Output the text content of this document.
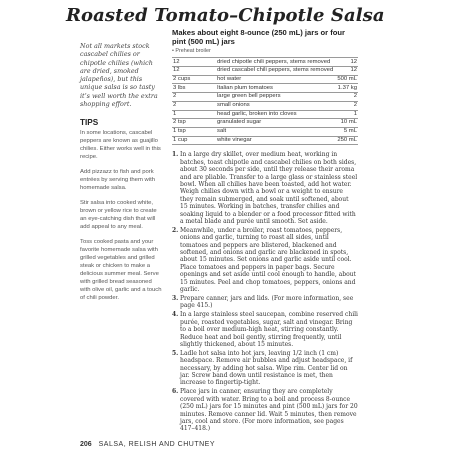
Roasted Tomato–Chipotle Salsa

Not all markets stock cascabel chilies or chipotle chilies (which are dried, smoked jalapeños), but this unique salsa is so tasty it’s well worth the extra shopping effort.

TIPS

In some locations, cascabel peppers are known as guajillo chilies. Either works well in this recipe.

Add pizzazz to fish and pork entrées by serving them with homemade salsa.

Stir salsa into cooked white, brown or yellow rice to create an eye-catching dish that will add appeal to any meal.

Toss cooked pasta and your favorite homemade salsa with grilled vegetables and grilled steak or chicken to make a delicious summer meal. Serve with grilled bread seasoned with olive oil, garlic and a touch of chili powder.

Makes about eight 8-ounce (250 mL) jars or four pint (500 mL) jars

• Preheat broiler
12	dried chipotle chili peppers, stems removed	12
12	dried cascabel chili peppers, stems removed	12
2 cups	hot water	500 mL
3 lbs	Italian plum tomatoes	1.37 kg
2	large green bell peppers	2
2	small onions	2
1	head garlic, broken into cloves	1
2 tsp	granulated sugar	10 mL
1 tsp	salt	5 mL
1 cup	white vinegar	250 mL
1. In a large dry skillet, over medium heat, working in batches, toast chipotle and cascabel chilies on both sides, about 30 seconds per side, until they release their aroma and are pliable. Transfer to a large glass or stainless steel bowl. When all chilies have been toasted, add hot water. Weigh chilies down with a bowl or a weight to ensure they remain submerged, and soak until softened, about 15 minutes. Working in batches, transfer chilies and soaking liquid to a blender or a food processor fitted with a metal blade and purée until smooth. Set aside.
2. Meanwhile, under a broiler, roast tomatoes, peppers, onions and garlic, turning to roast all sides, until tomatoes and peppers are blistered, blackened and softened, and onions and garlic are blackened in spots, about 15 minutes. Set onions and garlic aside until cool. Place tomatoes and peppers in paper bags. Secure openings and set aside until cool enough to handle, about 15 minutes. Peel and chop tomatoes, peppers, onions and garlic.
3. Prepare canner, jars and lids. (For more information, see page 415.)
4. In a large stainless steel saucepan, combine reserved chili purée, roasted vegetables, sugar, salt and vinegar. Bring to a boil over medium-high heat, stirring constantly. Reduce heat and boil gently, stirring frequently, until slightly thickened, about 15 minutes.
5. Ladle hot salsa into hot jars, leaving 1/2 inch (1 cm) headspace. Remove air bubbles and adjust headspace, if necessary, by adding hot salsa. Wipe rim. Center lid on jar. Screw band down until resistance is met, then increase to fingertip-tight.
6. Place jars in canner, ensuring they are completely covered with water. Bring to a boil and process 8-ounce (250 mL) jars for 15 minutes and pint (500 mL) jars for 20 minutes. Remove canner lid. Wait 5 minutes, then remove jars, cool and store. (For more information, see pages 417–418.)
206 SALSA, RELISH AND CHUTNEY
